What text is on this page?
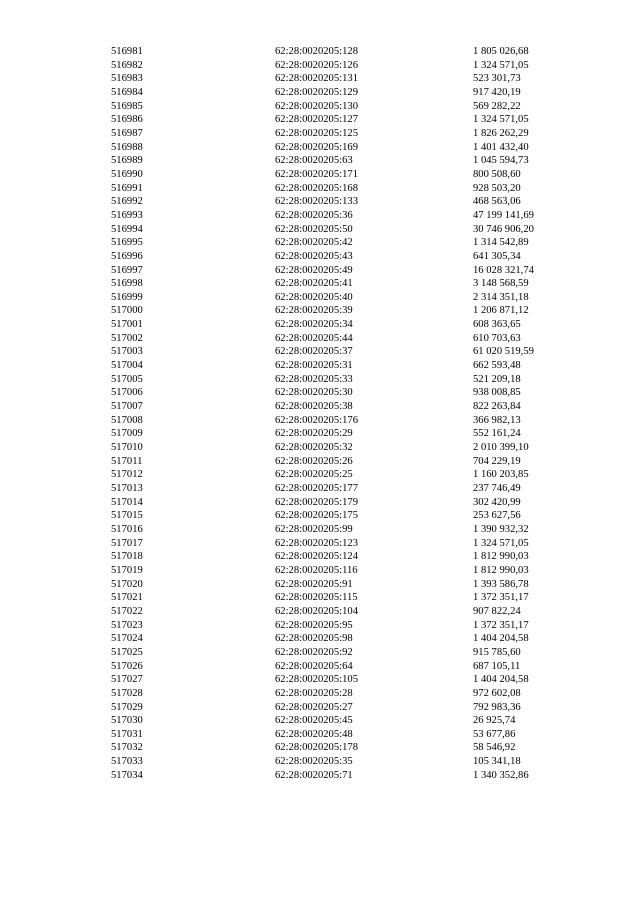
516981	62:28:0020205:128	1 805 026,68
516982	62:28:0020205:126	1 324 571,05
516983	62:28:0020205:131	523 301,73
516984	62:28:0020205:129	917 420,19
516985	62:28:0020205:130	569 282,22
516986	62:28:0020205:127	1 324 571,05
516987	62:28:0020205:125	1 826 262,29
516988	62:28:0020205:169	1 401 432,40
516989	62:28:0020205:63	1 045 594,73
516990	62:28:0020205:171	800 508,60
516991	62:28:0020205:168	928 503,20
516992	62:28:0020205:133	468 563,06
516993	62:28:0020205:36	47 199 141,69
516994	62:28:0020205:50	30 746 906,20
516995	62:28:0020205:42	1 314 542,89
516996	62:28:0020205:43	641 305,34
516997	62:28:0020205:49	16 028 321,74
516998	62:28:0020205:41	3 148 568,59
516999	62:28:0020205:40	2 314 351,18
517000	62:28:0020205:39	1 206 871,12
517001	62:28:0020205:34	608 363,65
517002	62:28:0020205:44	610 703,63
517003	62:28:0020205:37	61 020 519,59
517004	62:28:0020205:31	662 593,48
517005	62:28:0020205:33	521 209,18
517006	62:28:0020205:30	938 008,85
517007	62:28:0020205:38	822 263,84
517008	62:28:0020205:176	366 982,13
517009	62:28:0020205:29	552 161,24
517010	62:28:0020205:32	2 010 399,10
517011	62:28:0020205:26	704 229,19
517012	62:28:0020205:25	1 160 203,85
517013	62:28:0020205:177	237 746,49
517014	62:28:0020205:179	302 420,99
517015	62:28:0020205:175	253 627,56
517016	62:28:0020205:99	1 390 932,32
517017	62:28:0020205:123	1 324 571,05
517018	62:28:0020205:124	1 812 990,03
517019	62:28:0020205:116	1 812 990,03
517020	62:28:0020205:91	1 393 586,78
517021	62:28:0020205:115	1 372 351,17
517022	62:28:0020205:104	907 822,24
517023	62:28:0020205:95	1 372 351,17
517024	62:28:0020205:98	1 404 204,58
517025	62:28:0020205:92	915 785,60
517026	62:28:0020205:64	687 105,11
517027	62:28:0020205:105	1 404 204,58
517028	62:28:0020205:28	972 602,08
517029	62:28:0020205:27	792 983,36
517030	62:28:0020205:45	26 925,74
517031	62:28:0020205:48	53 677,86
517032	62:28:0020205:178	58 546,92
517033	62:28:0020205:35	105 341,18
517034	62:28:0020205:71	1 340 352,86
